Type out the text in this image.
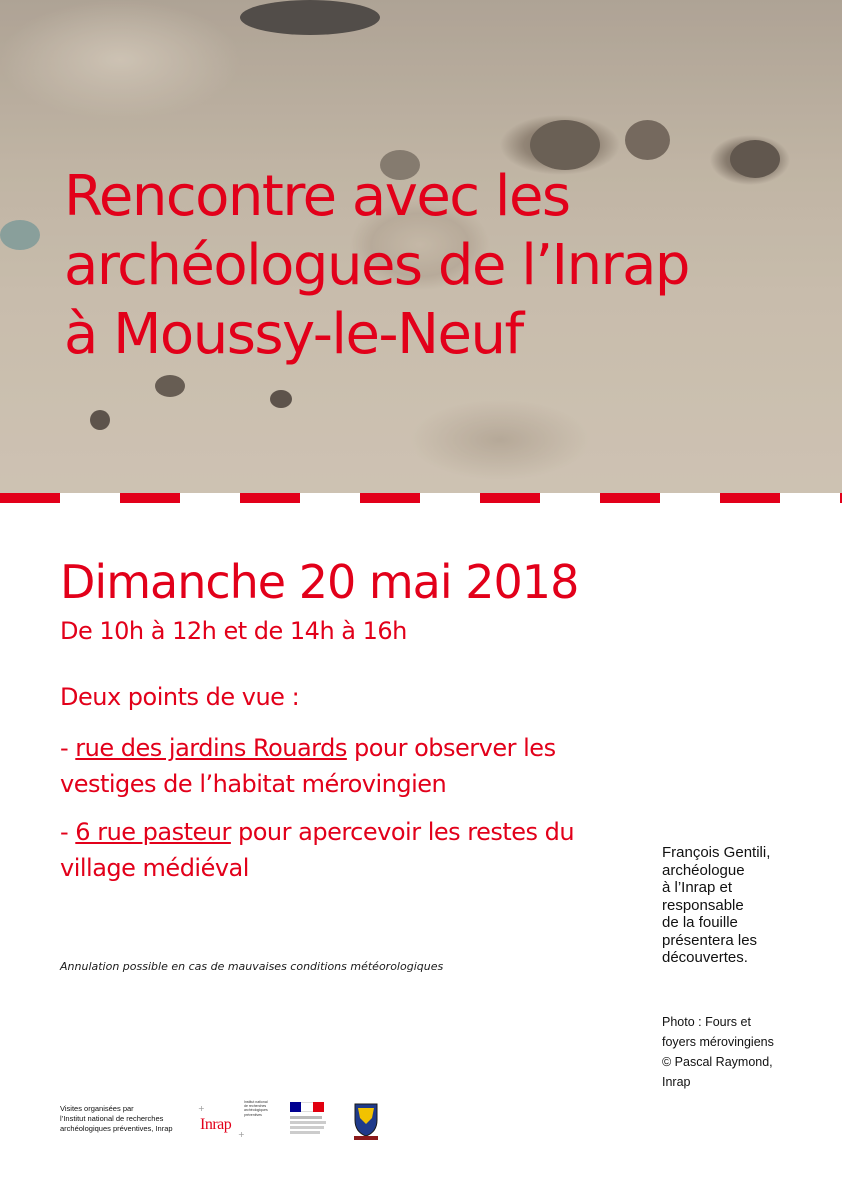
Rencontre avec les
archéologues de l’Inrap
à Moussy-le-Neuf
Dimanche 20 mai 2018

De 10h à 12h et de 14h à 16h

Deux points de vue :

- rue des jardins Rouards pour observer les vestiges de l’habitat mérovingien

- 6 rue pasteur pour apercevoir les restes du village médiéval

Annulation possible en cas de mauvaises conditions météorologiques

François Gentili,
archéologue
à l’Inrap et
responsable
de la fouille
présentera les
découvertes.

Photo : Fours et
foyers mérovingiens

© Pascal Raymond,
Inrap

Visites organisées par
l’Institut national de recherches
archéologiques préventives, Inrap

+
+
Inrap
Institut national
de recherches
archéologiques
préventives
